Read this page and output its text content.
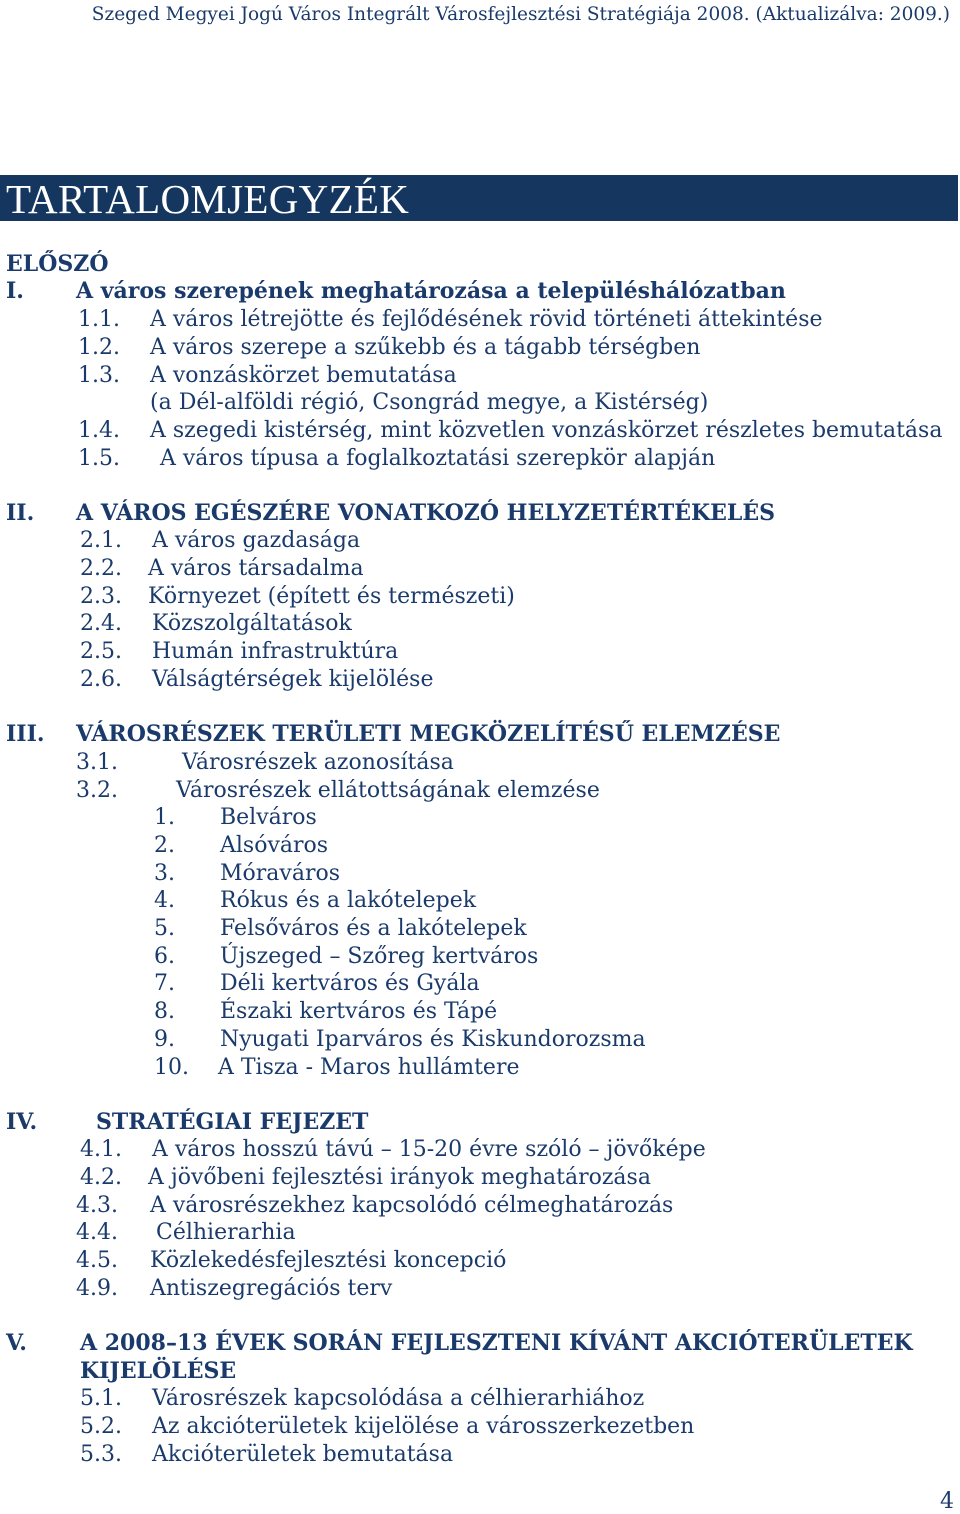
Szeged Megyei Jogú Város Integrált Városfejlesztési Stratégiája 2008. (Aktualizálva: 2009.)
TARTALOMJEGYZÉK
ELŐSZÓ
I. A város szerepének meghatározása a településhálózatban
1.1. A város létrejötte és fejlődésének rövid történeti áttekintése
1.2. A város szerepe a szűkebb és a tágabb térségben
1.3. A vonzáskörzet bemutatása
(a Dél-alföldi régió, Csongrád megye, a Kistérség)
1.4. A szegedi kistérség, mint közvetlen vonzáskörzet részletes bemutatása
1.5. A város típusa a foglalkoztatási szerepkör alapján
II. A VÁROS EGÉSZÉRE VONATKOZÓ HELYZETÉRTÉKELÉS
2.1. A város gazdasága
2.2. A város társadalma
2.3. Környezet (épített és természeti)
2.4. Közszolgáltatások
2.5. Humán infrastruktúra
2.6. Válságtérségek kijelölése
III. VÁROSRÉSZEK TERÜLETI MEGKÖZELÍTÉSŰ ELEMZÉSE
3.1.	Városrészek azonosítása
3.2.	Városrészek ellátottságának elemzése
1. Belváros
2. Alsóváros
3. Móraváros
4. Rókus és a lakótelepek
5. Felsőváros és a lakótelepek
6. Újszeged – Szőreg kertváros
7. Déli kertváros és Gyála
8. Északi kertváros és Tápé
9. Nyugati Iparváros és Kiskundorozsma
10. A Tisza - Maros hullámtere
IV.	STRATÉGIAI FEJEZET
4.1. A város hosszú távú – 15-20 évre szóló – jövőképe
4.2. A jövőbeni fejlesztési irányok meghatározása
4.3. A városrészekhez kapcsolódó célmeghatározás
4.4. Célhierarhia
4.5. Közlekedésfejlesztési koncepció
4.9. Antiszegregációs terv
V. A 2008–13 ÉVEK SORÁN FEJLESZTENI KÍVÁNT AKCIÓTERÜLETEK
KIJELÖLÉSE
5.1. Városrészek kapcsolódása a célhierarhiához
5.2. Az akcióterületek kijelölése a városszerkezetben
5.3. Akcióterületek bemutatása
4
